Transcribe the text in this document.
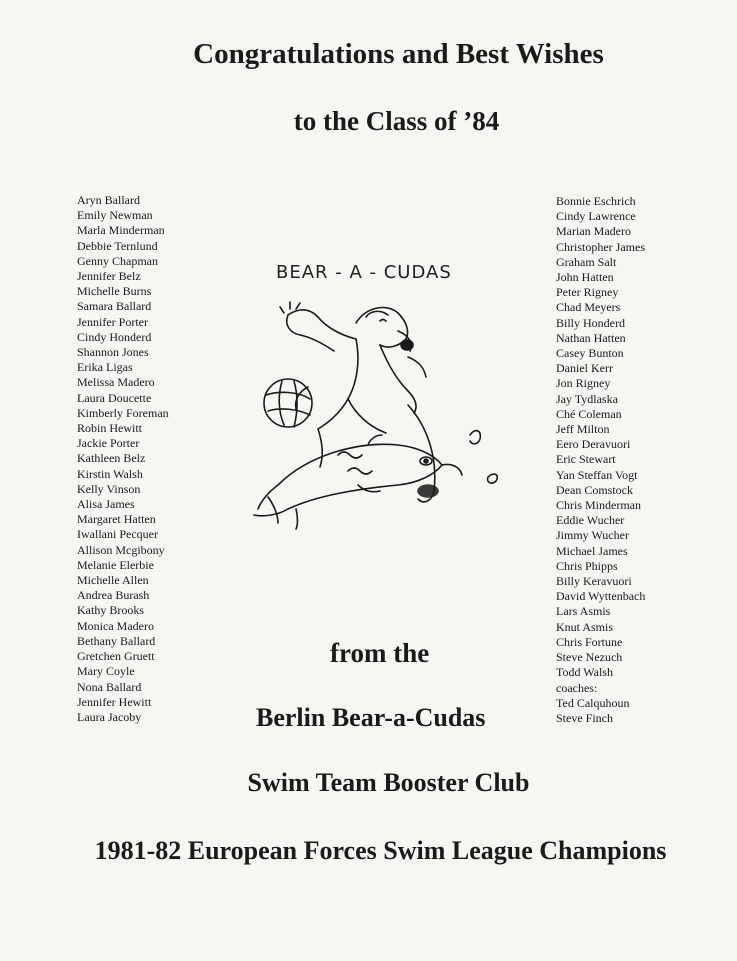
Congratulations and Best Wishes
to the Class of ’84
Aryn Ballard
Emily Newman
Marla Minderman
Debbie Ternlund
Genny Chapman
Jennifer Belz
Michelle Burns
Samara Ballard
Jennifer Porter
Cindy Honderd
Shannon Jones
Erika Ligas
Melissa Madero
Laura Doucette
Kimberly Foreman
Robin Hewitt
Jackie Porter
Kathleen Belz
Kirstin Walsh
Kelly Vinson
Alisa James
Margaret Hatten
Iwallani Pecquer
Allison Mcgibony
Melanie Elerbie
Michelle Allen
Andrea Burash
Kathy Brooks
Monica Madero
Bethany Ballard
Gretchen Gruett
Mary Coyle
Nona Ballard
Jennifer Hewitt
Laura Jacoby
Bonnie Eschrich
Cindy Lawrence
Marian Madero
Christopher James
Graham Salt
John Hatten
Peter Rigney
Chad Meyers
Billy Honderd
Nathan Hatten
Casey Bunton
Daniel Kerr
Jon Rigney
Jay Tydlaska
Ché Coleman
Jeff Milton
Eero Deravuori
Eric Stewart
Yan Steffan Vogt
Dean Comstock
Chris Minderman
Eddie Wucher
Jimmy Wucher
Michael James
Chris Phipps
Billy Keravuori
David Wyttenbach
Lars Asmis
Knut Asmis
Chris Fortune
Steve Nezuch
Todd Walsh
coaches:
Ted Calquhoun
Steve Finch
BEAR - A - CUDAS
from the
Berlin Bear-a-Cudas
Swim Team Booster Club
1981-82 European Forces Swim League Champions
